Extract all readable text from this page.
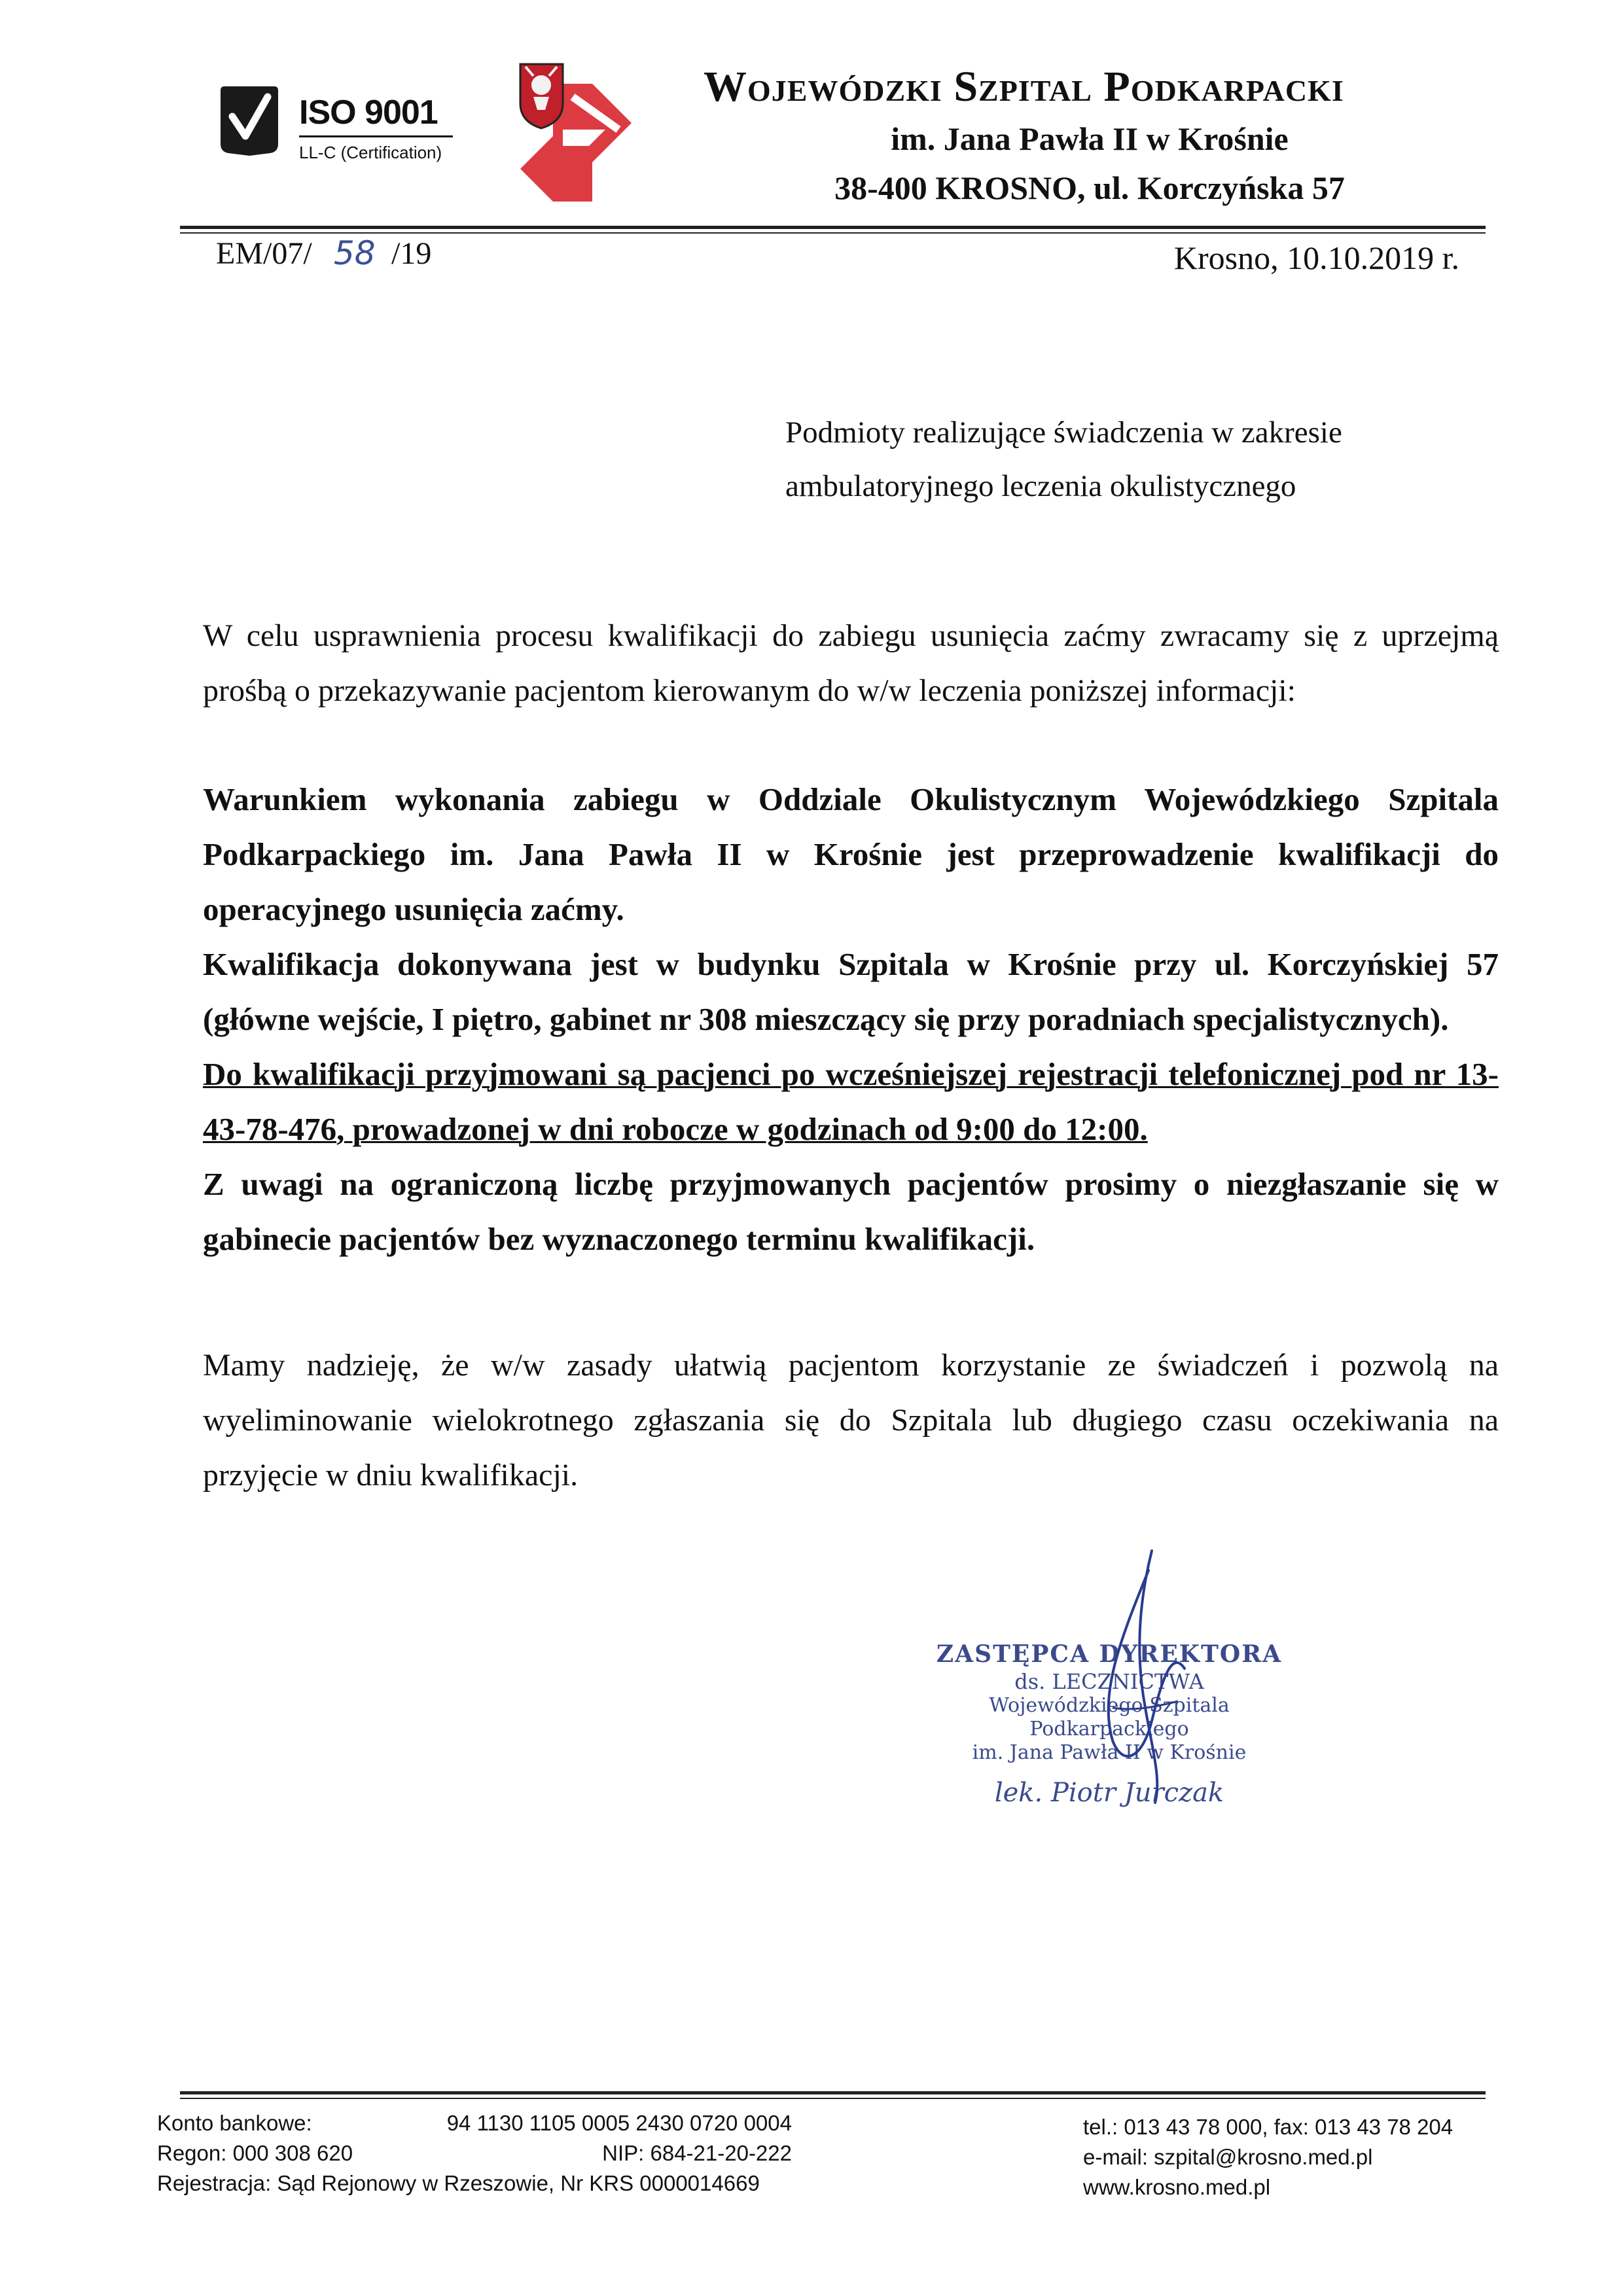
ISO 9001
LL-C (Certification)
Wojewódzki Szpital Podkarpacki
im. Jana Pawła II w Krośnie
38-400 KROSNO, ul. Korczyńska 57
EM/07/ 58 /19	Krosno, 10.10.2019 r.
Podmioty realizujące świadczenia w zakresie
ambulatoryjnego leczenia okulistycznego
W celu usprawnienia procesu kwalifikacji do zabiegu usunięcia zaćmy zwracamy się z uprzejmą prośbą o przekazywanie pacjentom kierowanym do w/w leczenia poniższej informacji:

Warunkiem wykonania zabiegu w Oddziale Okulistycznym Wojewódzkiego Szpitala Podkarpackiego im. Jana Pawła II w Krośnie jest przeprowadzenie kwalifikacji do operacyjnego usunięcia zaćmy.

Kwalifikacja dokonywana jest w budynku Szpitala w Krośnie przy ul. Korczyńskiej 57 (główne wejście, I piętro, gabinet nr 308 mieszczący się przy poradniach specjalistycznych).

Do kwalifikacji przyjmowani są pacjenci po wcześniejszej rejestracji telefonicznej pod nr 13-43-78-476, prowadzonej w dni robocze w godzinach od 9:00 do 12:00.

Z uwagi na ograniczoną liczbę przyjmowanych pacjentów prosimy o niezgłaszanie się w gabinecie pacjentów bez wyznaczonego terminu kwalifikacji.

Mamy nadzieję, że w/w zasady ułatwią pacjentom korzystanie ze świadczeń i pozwolą na wyeliminowanie wielokrotnego zgłaszania się do Szpitala lub długiego czasu oczekiwania na przyjęcie w dniu kwalifikacji.
ZASTĘPCA DYREKTORA
ds. LECZNICTWA
Wojewódzkiego Szpitala Podkarpackiego
im. Jana Pawła II w Krośnie
lek. Piotr Jurczak
Konto bankowe:	94 1130 1105 0005 2430 0720 0004
Regon: 000 308 620	NIP: 684-21-20-222
Rejestracja: Sąd Rejonowy w Rzeszowie, Nr KRS 0000014669
tel.: 013 43 78 000, fax: 013 43 78 204
e-mail: szpital@krosno.med.pl
www.krosno.med.pl
